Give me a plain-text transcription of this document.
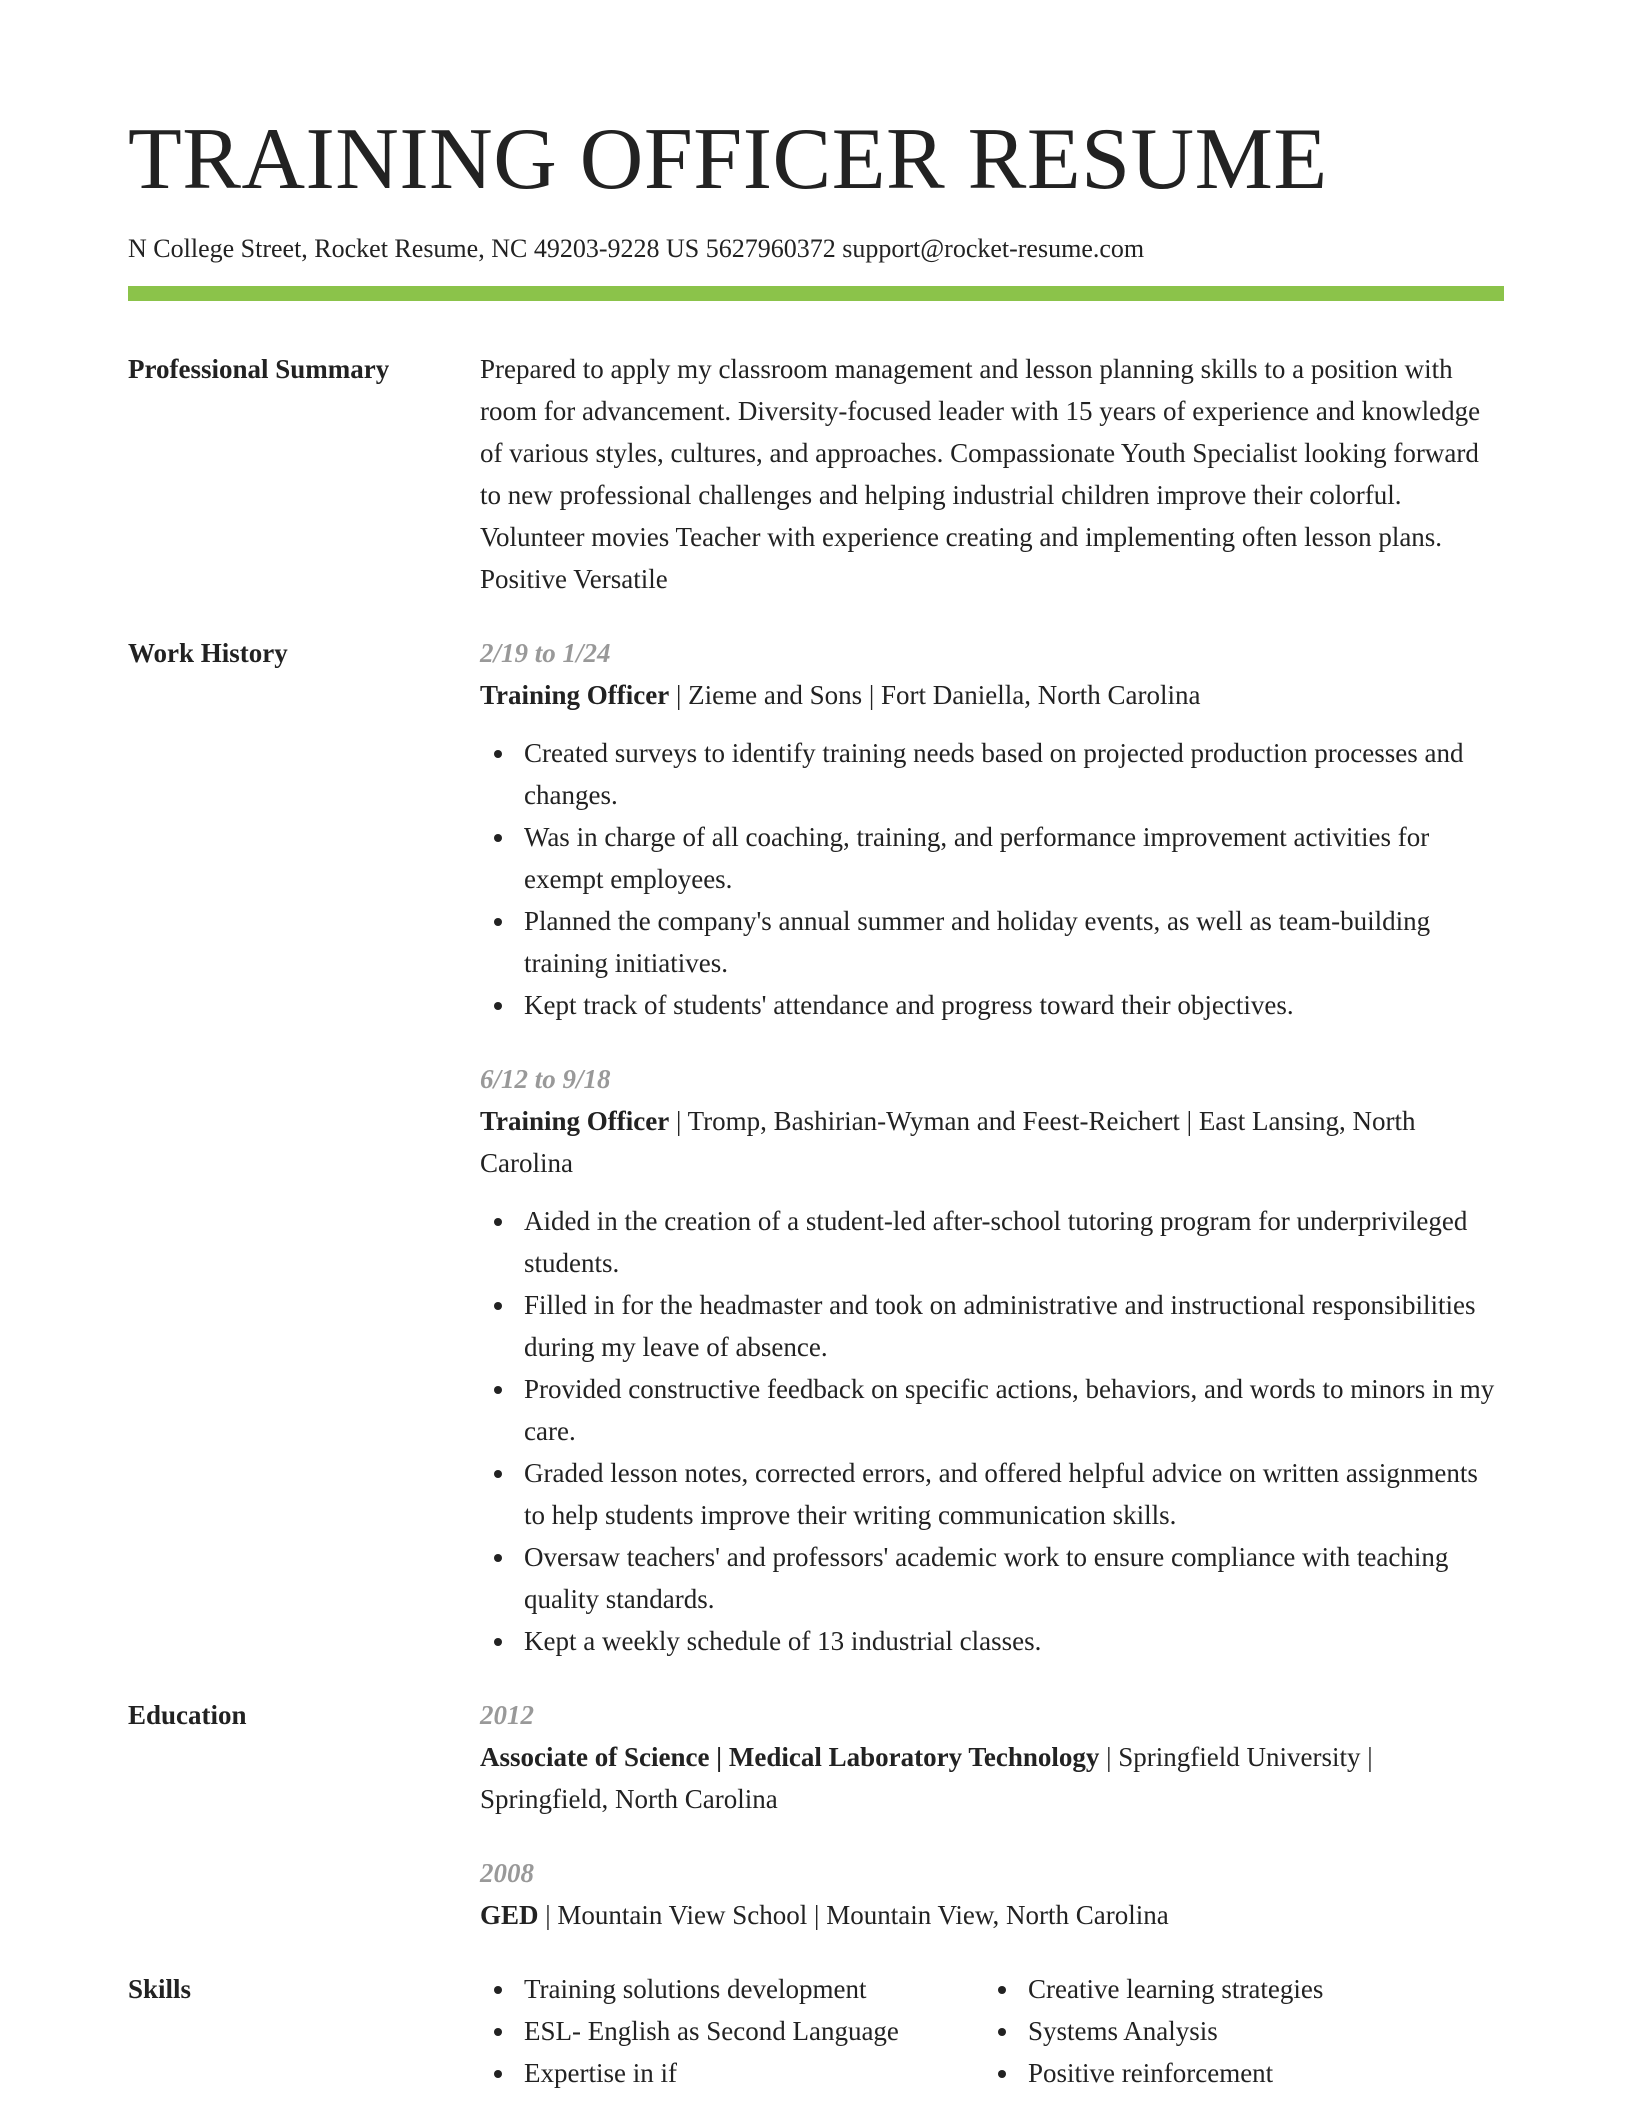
TRAINING OFFICER RESUME
N College Street, Rocket Resume, NC 49203-9228 US 5627960372 support@rocket-resume.com
Professional Summary	Prepared to apply my classroom management and lesson planning skills to a position with room for advancement. Diversity-focused leader with 15 years of experience and knowledge of various styles, cultures, and approaches. Compassionate Youth Specialist looking forward to new professional challenges and helping industrial children improve their colorful. Volunteer movies Teacher with experience creating and implementing often lesson plans. Positive Versatile
Work History	2/19 to 1/24
Training Officer | Zieme and Sons | Fort Daniella, North Carolina
Created surveys to identify training needs based on projected production processes and changes.
Was in charge of all coaching, training, and performance improvement activities for exempt employees.
Planned the company's annual summer and holiday events, as well as team-building training initiatives.
Kept track of students' attendance and progress toward their objectives.
6/12 to 9/18
Training Officer | Tromp, Bashirian-Wyman and Feest-Reichert | East Lansing, North Carolina
Aided in the creation of a student-led after-school tutoring program for underprivileged students.
Filled in for the headmaster and took on administrative and instructional responsibilities during my leave of absence.
Provided constructive feedback on specific actions, behaviors, and words to minors in my care.
Graded lesson notes, corrected errors, and offered helpful advice on written assignments to help students improve their writing communication skills.
Oversaw teachers' and professors' academic work to ensure compliance with teaching quality standards.
Kept a weekly schedule of 13 industrial classes.
Education	2012
Associate of Science | Medical Laboratory Technology | Springfield University | Springfield, North Carolina
2008
GED | Mountain View School | Mountain View, North Carolina
Skills	Training solutions development
ESL- English as Second Language
Expertise in if
Creative learning strategies
Systems Analysis
Positive reinforcement
